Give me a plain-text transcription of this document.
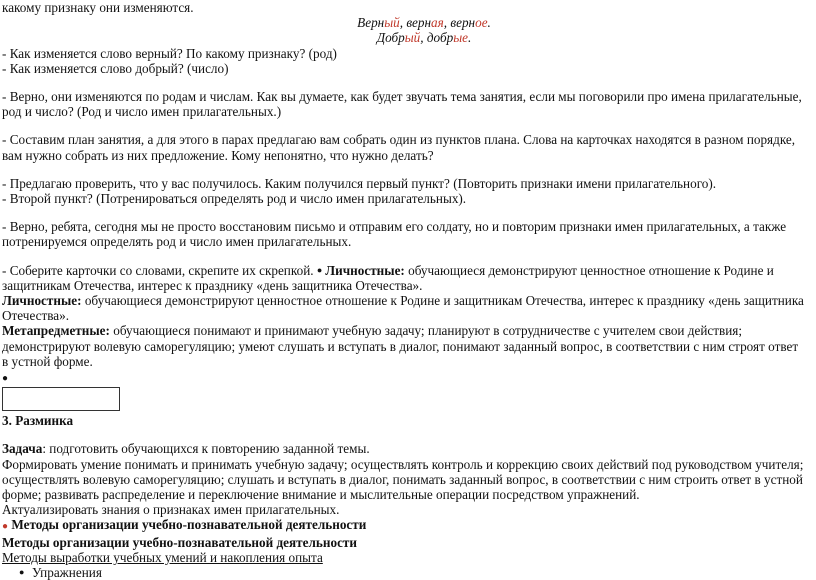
какому признаку они изменяются.

Верный, верная, верное.

Добрый, добрые.

- Как изменяется слово верный? По какому признаку? (род)

- Как изменяется слово добрый? (число)

- Верно, они изменяются по родам и числам. Как вы думаете, как будет звучать тема занятия, если мы поговорили про имена прилагательные, род и число? (Род и число имен прилагательных.)

- Составим план занятия, а для этого в парах предлагаю вам собрать один из пунктов плана. Слова на карточках находятся в разном порядке, вам нужно собрать из них предложение. Кому непонятно, что нужно делать?

- Предлагаю проверить, что у вас получилось. Каким получился первый пункт? (Повторить признаки имени прилагательного).

- Второй пункт? (Потренироваться определять род и число имен прилагательных).

- Верно, ребята, сегодня мы не просто восстановим письмо и отправим его солдату, но и повторим признаки имен прилагательных, а также потренируемся определять род и число имен прилагательных.

- Соберите карточки со словами, скрепите их скрепкой. ● Личностные: обучающиеся демонстрируют ценностное отношение к Родине и защитникам Отечества, интерес к празднику «день защитника Отечества».

Личностные: обучающиеся демонстрируют ценностное отношение к Родине и защитникам Отечества, интерес к празднику «день защитника Отечества».

Метапредметные: обучающиеся понимают и принимают учебную задачу; планируют в сотрудничестве с учителем свои действия; демонстрируют волевую саморегуляцию; умеют слушать и вступать в диалог, понимают заданный вопрос, в соответствии с ним строят ответ в устной форме.

●

3. Разминка

Задача: подготовить обучающихся к повторению заданной темы.

Формировать умение понимать и принимать учебную задачу; осуществлять контроль и коррекцию своих действий под руководством учителя; осуществлять волевую саморегуляцию; слушать и вступать в диалог, понимать заданный вопрос, в соответствии с ним строить ответ в устной форме; развивать распределение и переключение внимание и мыслительные операции посредством упражнений.

Актуализировать знания о признаках имен прилагательных.

● Методы организации учебно-познавательной деятельности

Методы организации учебно-познавательной деятельности

Методы выработки учебных умений и накопления опыта

● Упражнения
